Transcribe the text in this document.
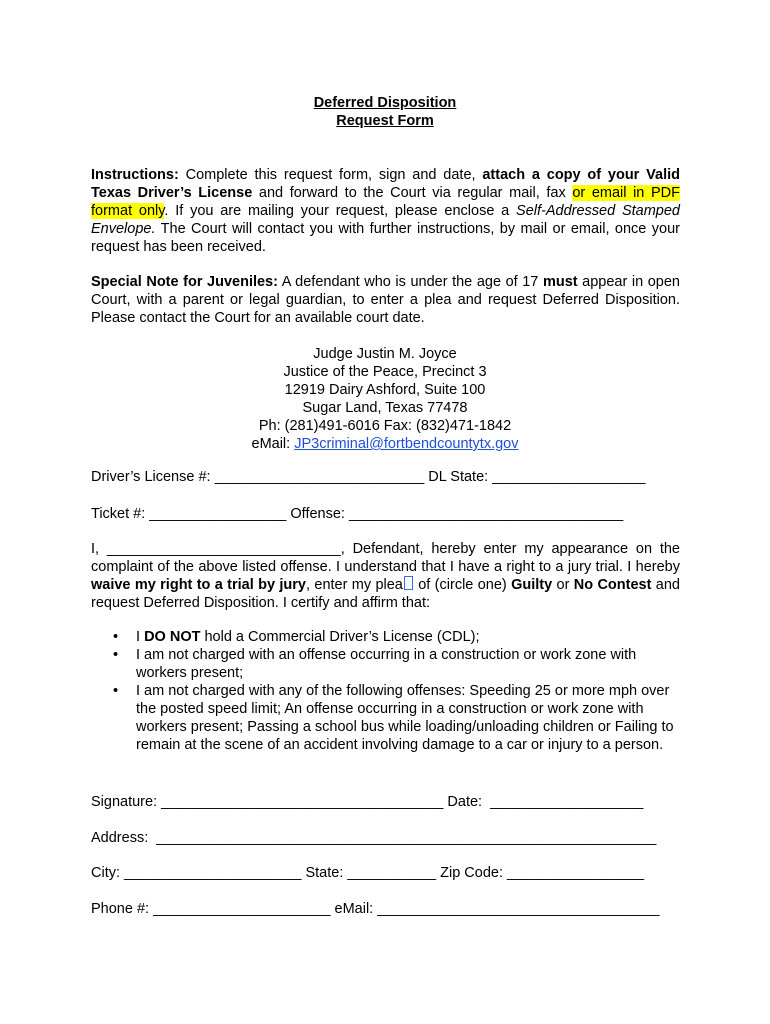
Deferred Disposition
Request Form
Instructions: Complete this request form, sign and date, attach a copy of your Valid Texas Driver’s License and forward to the Court via regular mail, fax or email in PDF format only. If you are mailing your request, please enclose a Self-Addressed Stamped Envelope. The Court will contact you with further instructions, by mail or email, once your request has been received.
Special Note for Juveniles: A defendant who is under the age of 17 must appear in open Court, with a parent or legal guardian, to enter a plea and request Deferred Disposition. Please contact the Court for an available court date.
Judge Justin M. Joyce
Justice of the Peace, Precinct 3
12919 Dairy Ashford, Suite 100
Sugar Land, Texas 77478
Ph: (281)491-6016 Fax: (832)471-1842
eMail: JP3criminal@fortbendcountytx.gov
Driver’s License #: __________________________ DL State: ___________________
Ticket #: _________________ Offense: __________________________________
I, _____________________________, Defendant, hereby enter my appearance on the complaint of the above listed offense. I understand that I have a right to a jury trial. I hereby waive my right to a trial by jury, enter my plea of (circle one) Guilty or No Contest and request Deferred Disposition. I certify and affirm that:
• I DO NOT hold a Commercial Driver’s License (CDL);
• I am not charged with an offense occurring in a construction or work zone with workers present;
• I am not charged with any of the following offenses: Speeding 25 or more mph over the posted speed limit; An offense occurring in a construction or work zone with workers present; Passing a school bus while loading/unloading children or Failing to remain at the scene of an accident involving damage to a car or injury to a person.
Signature: ___________________________________ Date:  ___________________
Address:  ______________________________________________________________
City: ______________________ State: ___________ Zip Code: _________________
Phone #: ______________________ eMail: ___________________________________
